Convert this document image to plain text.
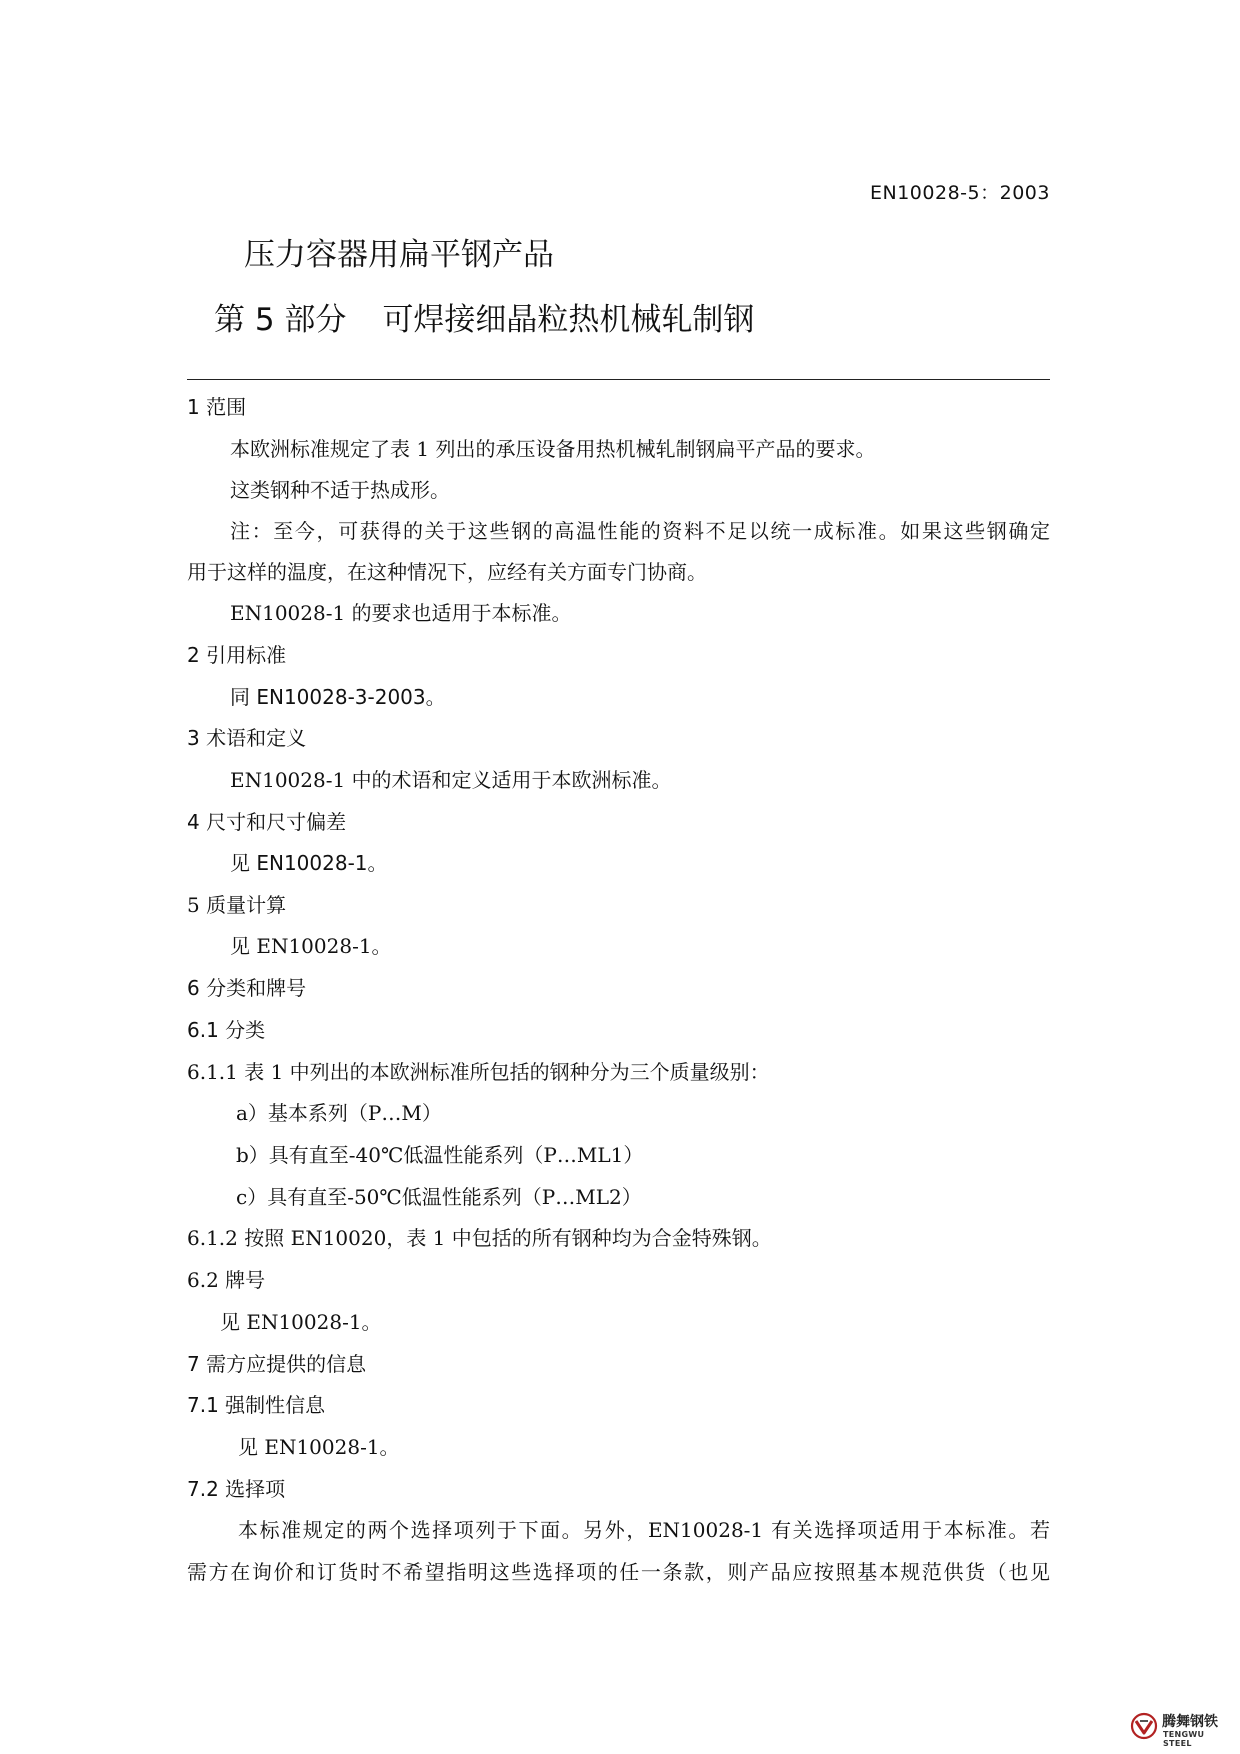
EN10028-5：2003
压力容器用扁平钢产品
第 5 部分 可焊接细晶粒热机械轧制钢
1 范围
本欧洲标准规定了表 1 列出的承压设备用热机械轧制钢扁平产品的要求。
这类钢种不适于热成形。
注：至今，可获得的关于这些钢的高温性能的资料不足以统一成标准。如果这些钢确定
用于这样的温度，在这种情况下，应经有关方面专门协商。
EN10028-1 的要求也适用于本标准。
2 引用标准
同 EN10028-3-2003。
3 术语和定义
EN10028-1 中的术语和定义适用于本欧洲标准。
4 尺寸和尺寸偏差
见 EN10028-1。
5 质量计算
见 EN10028-1。
6 分类和牌号
6.1 分类
6.1.1 表 1 中列出的本欧洲标准所包括的钢种分为三个质量级别：
a）基本系列（P…M）
b）具有直至-40℃低温性能系列（P…ML1）
c）具有直至-50℃低温性能系列（P…ML2）
6.1.2 按照 EN10020，表 1 中包括的所有钢种均为合金特殊钢。
6.2 牌号
见 EN10028-1。
7 需方应提供的信息
7.1 强制性信息
见 EN10028-1。
7.2 选择项
本标准规定的两个选择项列于下面。另外，EN10028-1 有关选择项适用于本标准。若
需方在询价和订货时不希望指明这些选择项的任一条款，则产品应按照基本规范供货（也见
腾舞钢铁
TENGWU STEEL
